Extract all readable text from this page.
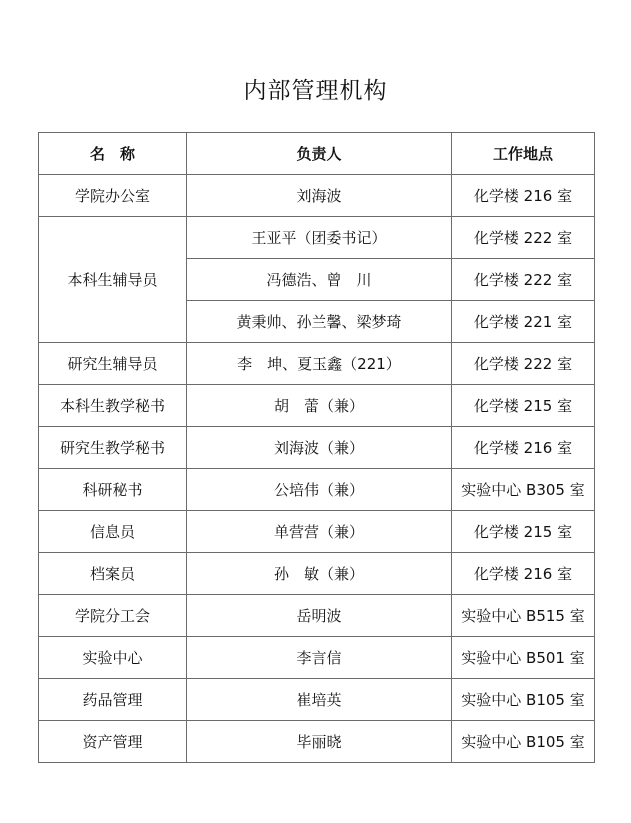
内部管理机构
名　称	负责人	工作地点
学院办公室	刘海波	化学楼 216 室
本科生辅导员	王亚平（团委书记）	化学楼 222 室
	冯德浩、曾　川	化学楼 222 室
	黄秉帅、孙兰馨、梁梦琦	化学楼 221 室
研究生辅导员	李　坤、夏玉鑫（221）	化学楼 222 室
本科生教学秘书	胡　蕾（兼）	化学楼 215 室
研究生教学秘书	刘海波（兼）	化学楼 216 室
科研秘书	公培伟（兼）	实验中心 B305 室
信息员	单营营（兼）	化学楼 215 室
档案员	孙　敏（兼）	化学楼 216 室
学院分工会	岳明波	实验中心 B515 室
实验中心	李言信	实验中心 B501 室
药品管理	崔培英	实验中心 B105 室
资产管理	毕丽晓	实验中心 B105 室
